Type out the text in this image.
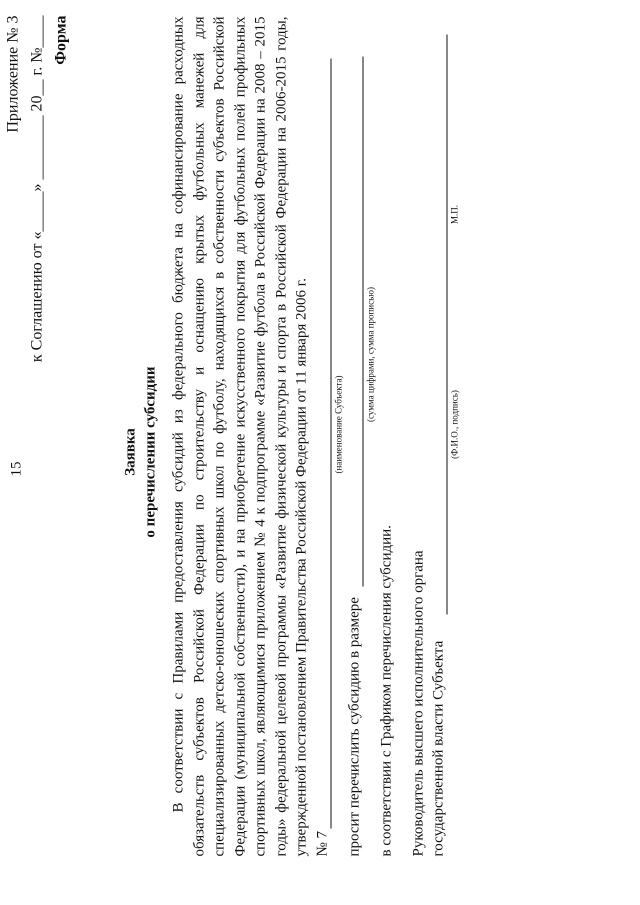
15
Приложение № 3 к Соглашению от «_____» ________ 20__ г. №____ Форма
Заявка о перечислении субсидии В соответствии с Правилами предоставления субсидий из федерального бюджета на софинансирование расходных обязательств субъектов Российской Федерации по строительству и оснащению крытых футбольных манежей для специализированных детско-юношеских спортивных школ по футболу, находящихся в собственности субъектов Российской Федерации (муниципальной собственности), и на приобретение искусственного покрытия для футбольных полей профильных спортивных школ, являющимися приложением № 4 к подпрограмме «Развитие футбола в Российской Федерации на 2008 – 2015 годы» федеральной целевой программы «Развитие физической культуры и спорта в Российской Федерации на 2006-2015 годы, утвержденной постановлением Правительства Российской Федерации от 11 января 2006 г. № 7
(наименование Субъекта)
просит перечислить субсидию в размере
(сумма цифрами, сумма прописью)
в соответствии с Графиком перечисления субсидии. Руководитель высшего исполнительного органа государственной власти Субъекта
(Ф.И.О., подпись)
М.П.
